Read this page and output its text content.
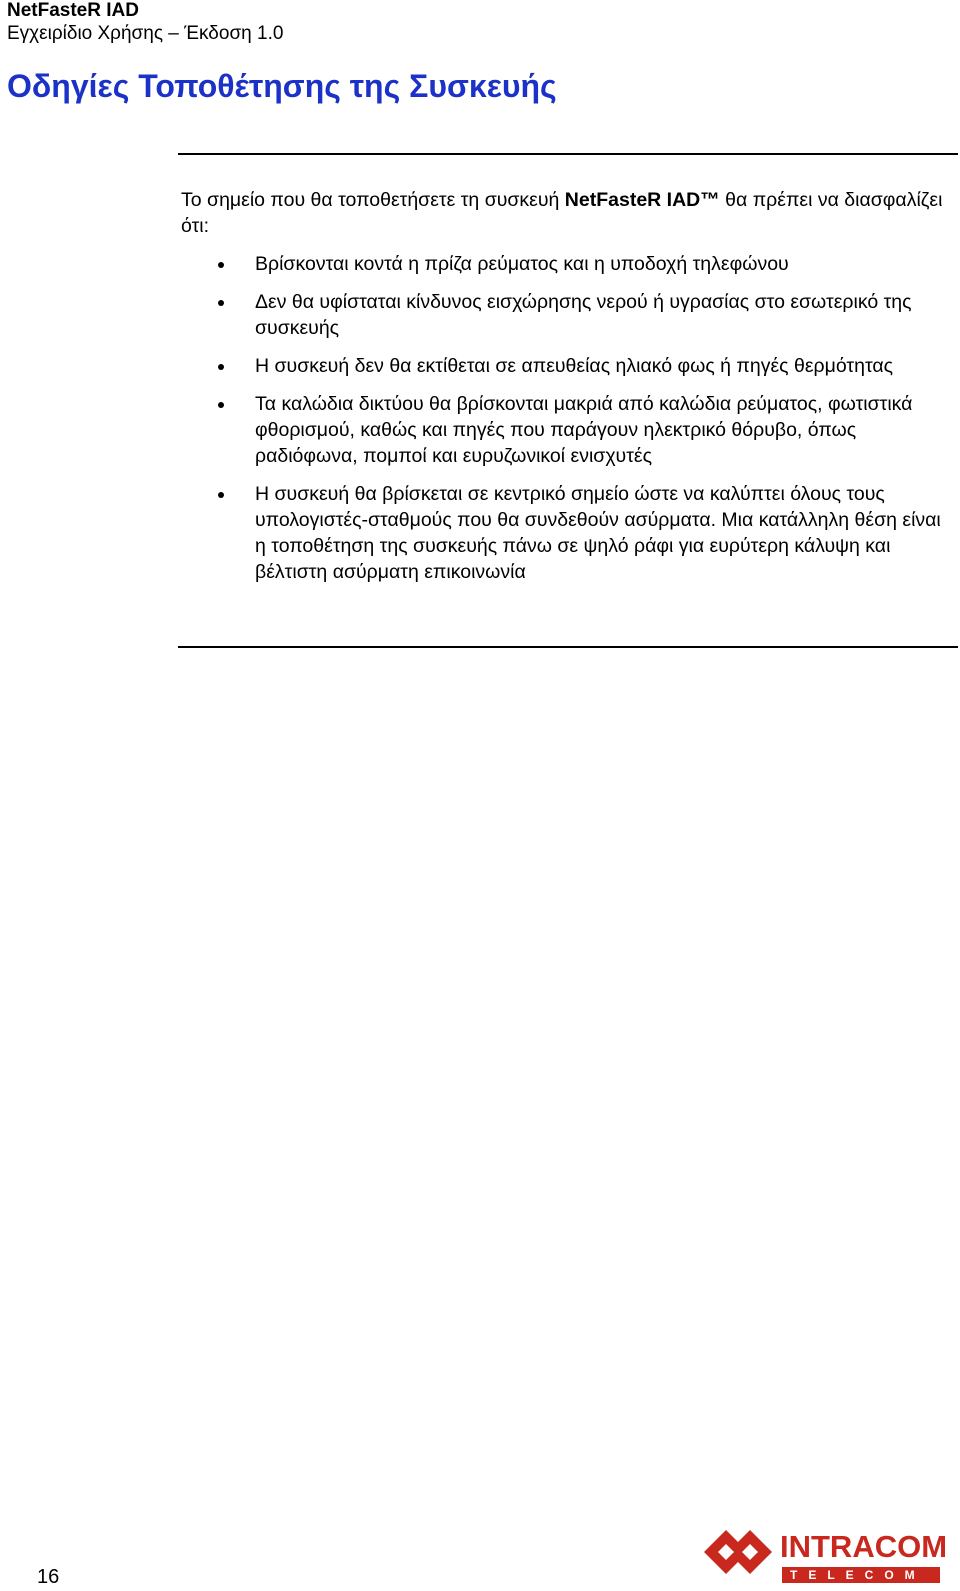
NetFasteR IAD
Εγχειρίδιο Χρήσης – Έκδοση 1.0
Οδηγίες Τοποθέτησης της Συσκευής

Το σημείο που θα τοποθετήσετε τη συσκευή NetFasteR IAD™ θα πρέπει να διασφαλίζει ότι:

Βρίσκονται κοντά η πρίζα ρεύματος και η υποδοχή τηλεφώνου
Δεν θα υφίσταται κίνδυνος εισχώρησης νερού ή υγρασίας στο εσωτερικό της συσκευής
Η συσκευή δεν θα εκτίθεται σε απευθείας ηλιακό φως ή πηγές θερμότητας
Τα καλώδια δικτύου θα βρίσκονται μακριά από καλώδια ρεύματος, φωτιστικά φθορισμού, καθώς και πηγές που παράγουν ηλεκτρικό θόρυβο, όπως ραδιόφωνα, πομποί και ευρυζωνικοί ενισχυτές
Η συσκευή θα βρίσκεται σε κεντρικό σημείο ώστε να καλύπτει όλους τους υπολογιστές-σταθμούς που θα συνδεθούν ασύρματα. Μια κατάλληλη θέση είναι η τοποθέτηση της συσκευής πάνω σε ψηλό ράφι για ευρύτερη κάλυψη και βέλτιστη ασύρματη επικοινωνία
16
INTRACOM
TELECOM
